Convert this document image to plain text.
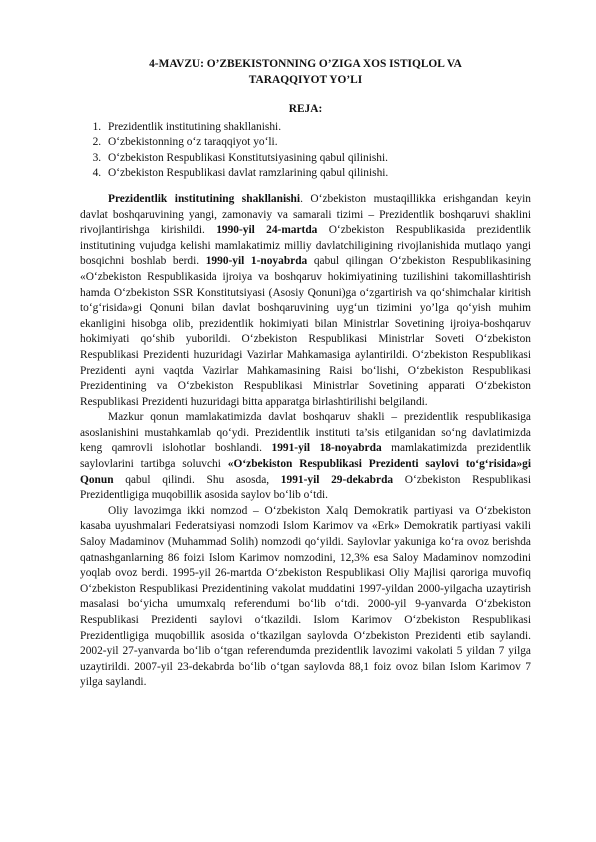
4-MAVZU: O’ZBEKISTONNING O’ZIGA XOS ISTIQLOL VA
TARAQQIYOT YO’LI
REJA:
1. Prezidentlik institutining shakllanishi.
2. O‘zbekistonning o‘z taraqqiyot yo‘li.
3. O‘zbekiston Respublikasi Konstitutsiyasining qabul qilinishi.
4. O‘zbekiston Respublikasi davlat ramzlarining qabul qilinishi.

Prezidentlik institutining shakllanishi. O‘zbekiston mustaqillikka erishgandan keyin davlat boshqaruvining yangi, zamonaviy va samarali tizimi – Prezidentlik boshqaruvi shaklini rivojlantirishga kirishildi. 1990-yil 24-martda O‘zbekiston Respublikasida prezidentlik institutining vujudga kelishi mamlakatimiz milliy davlatchiligining rivojlanishida mutlaqo yangi bosqichni boshlab berdi. 1990-yil 1-noyabrda qabul qilingan O‘zbekiston Respublikasining «O‘zbekiston Respublikasida ijroiya va boshqaruv hokimiyatining tuzilishini takomillashtirish hamda O‘zbekiston SSR Konstitutsiyasi (Asosiy Qonuni)ga o‘zgartirish va qo‘shimchalar kiritish to‘g‘risida»gi Qonuni bilan davlat boshqaruvining uyg‘un tizimini yo’lga qo‘yish muhim ekanligini hisobga olib, prezidentlik hokimiyati bilan Ministrlar Sovetining ijroiya-boshqaruv hokimiyati qo‘shib yuborildi. O‘zbekiston Respublikasi Ministrlar Soveti O‘zbekiston Respublikasi Prezidenti huzuridagi Vazirlar Mahkamasiga aylantirildi. O‘zbekiston Respublikasi Prezidenti ayni vaqtda Vazirlar Mahkamasining Raisi bo‘lishi, O‘zbekiston Respublikasi Prezidentining va O‘zbekiston Respublikasi Ministrlar Sovetining apparati O‘zbekiston Respublikasi Prezidenti huzuridagi bitta apparatga birlashtirilishi belgilandi.

Mazkur qonun mamlakatimizda davlat boshqaruv shakli – prezidentlik respublikasiga asoslanishini mustahkamlab qo‘ydi. Prezidentlik instituti ta’sis etilganidan so‘ng davlatimizda keng qamrovli islohotlar boshlandi. 1991-yil 18-noyabrda mamlakatimizda prezidentlik saylovlarini tartibga soluvchi «O‘zbekiston Respublikasi Prezidenti saylovi to‘g‘risida»gi Qonun qabul qilindi. Shu asosda, 1991-yil 29-dekabrda O‘zbekiston Respublikasi Prezidentligiga muqobillik asosida saylov bo‘lib o‘tdi.

Oliy lavozimga ikki nomzod – O‘zbekiston Xalq Demokratik partiyasi va O‘zbekiston kasaba uyushmalari Federatsiyasi nomzodi Islom Karimov va «Erk» Demokratik partiyasi vakili Saloy Madaminov (Muhammad Solih) nomzodi qo‘yildi. Saylovlar yakuniga ko‘ra ovoz berishda qatnashganlarning 86 foizi Islom Karimov nomzodini, 12,3% esa Saloy Madaminov nomzodini yoqlab ovoz berdi. 1995-yil 26-martda O‘zbekiston Respublikasi Oliy Majlisi qaroriga muvofiq O‘zbekiston Respublikasi Prezidentining vakolat muddatini 1997-yildan 2000-yilgacha uzaytirish masalasi bo‘yicha umumxalq referendumi bo‘lib o‘tdi. 2000-yil 9-yanvarda O‘zbekiston Respublikasi Prezidenti saylovi o‘tkazildi. Islom Karimov O‘zbekiston Respublikasi Prezidentligiga muqobillik asosida o‘tkazilgan saylovda O‘zbekiston Prezidenti etib saylandi. 2002-yil 27-yanvarda bo‘lib o‘tgan referendumda prezidentlik lavozimi vakolati 5 yildan 7 yilga uzaytirildi. 2007-yil 23-dekabrda bo‘lib o‘tgan saylovda 88,1 foiz ovoz bilan Islom Karimov 7 yilga saylandi.
